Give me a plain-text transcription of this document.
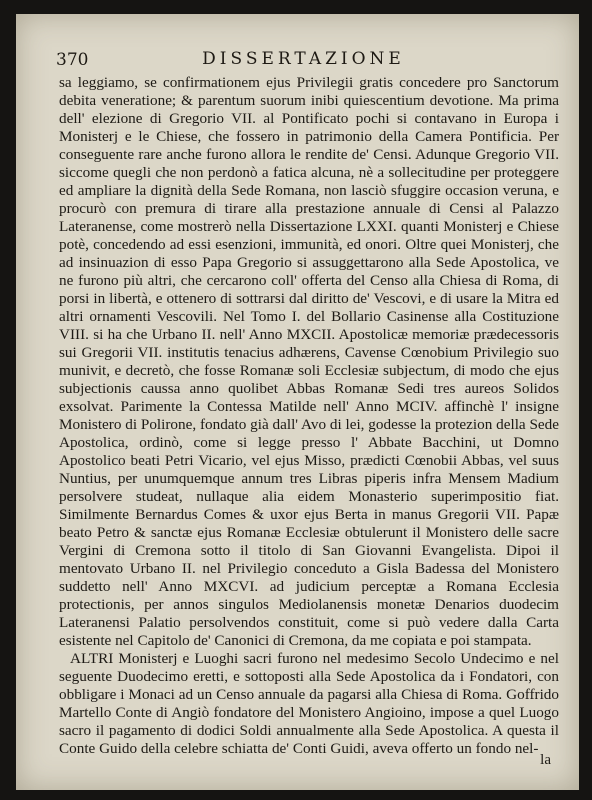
370	DISSERTAZIONE

sa leggiamo, se confirmationem ejus Privilegii gratis concedere pro Sanctorum debita veneratione; & parentum suorum inibi quiescentium devotione. Ma prima dell' elezione di Gregorio VII. al Pontificato pochi si contavano in Europa i Monisterj e le Chiese, che fossero in patrimonio della Camera Pontificia. Per conseguente rare anche furono allora le rendite de' Censi. Adunque Gregorio VII. siccome quegli che non perdonò a fatica alcuna, nè a sollecitudine per proteggere ed ampliare la dignità della Sede Romana, non lasciò sfuggire occasion veruna, e procurò con premura di tirare alla prestazione annuale di Censi al Palazzo Lateranense, come mostrerò nella Dissertazione LXXI. quanti Monisterj e Chiese potè, concedendo ad essi esenzioni, immunità, ed onori. Oltre quei Monisterj, che ad insinuazion di esso Papa Gregorio si assuggettarono alla Sede Apostolica, ve ne furono più altri, che cercarono coll' offerta del Censo alla Chiesa di Roma, di porsi in libertà, e ottenero di sottrarsi dal diritto de' Vescovi, e di usare la Mitra ed altri ornamenti Vescovili. Nel Tomo I. del Bollario Casinense alla Costituzione VIII. si ha che Urbano II. nell' Anno MXCII. Apostolicæ memoriæ prædecessoris sui Gregorii VII. institutis tenacius adhærens, Cavense Cœnobium Privilegio suo munivit, e decretò, che fosse Romanæ soli Ecclesiæ subjectum, di modo che ejus subjectionis caussa anno quolibet Abbas Romanæ Sedi tres aureos Solidos exsolvat. Parimente la Contessa Matilde nell' Anno MCIV. affinchè l' insigne Monistero di Polirone, fondato già dall' Avo di lei, godesse la protezion della Sede Apostolica, ordinò, come si legge presso l' Abbate Bacchini, ut Domno Apostolico beati Petri Vicario, vel ejus Misso, prædicti Cœnobii Abbas, vel suus Nuntius, per unumquemque annum tres Libras piperis infra Mensem Madium persolvere studeat, nullaque alia eidem Monasterio superimpositio fiat. Similmente Bernardus Comes & uxor ejus Berta in manus Gregorii VII. Papæ beato Petro & sanctæ ejus Romanæ Ecclesiæ obtulerunt il Monistero delle sacre Vergini di Cremona sotto il titolo di San Giovanni Evangelista. Dipoi il mentovato Urbano II. nel Privilegio conceduto a Gisla Badessa del Monistero suddetto nell' Anno MXCVI. ad judicium perceptæ a Romana Ecclesia protectionis, per annos singulos Mediolanensis monetæ Denarios duodecim Lateranensi Palatio persolvendos constituit, come si può vedere dalla Carta esistente nel Capitolo de' Canonici di Cremona, da me copiata e poi stampata.

ALTRI Monisterj e Luoghi sacri furono nel medesimo Secolo Undecimo e nel seguente Duodecimo eretti, e sottoposti alla Sede Apostolica da i Fondatori, con obbligare i Monaci ad un Censo annuale da pagarsi alla Chiesa di Roma. Goffrido Martello Conte di Angiò fondatore del Monistero Angioino, impose a quel Luogo sacro il pagamento di dodici Soldi annualmente alla Sede Apostolica. A questa il Conte Guido della celebre schiatta de' Conti Guidi, aveva offerto un fondo nel-

la
